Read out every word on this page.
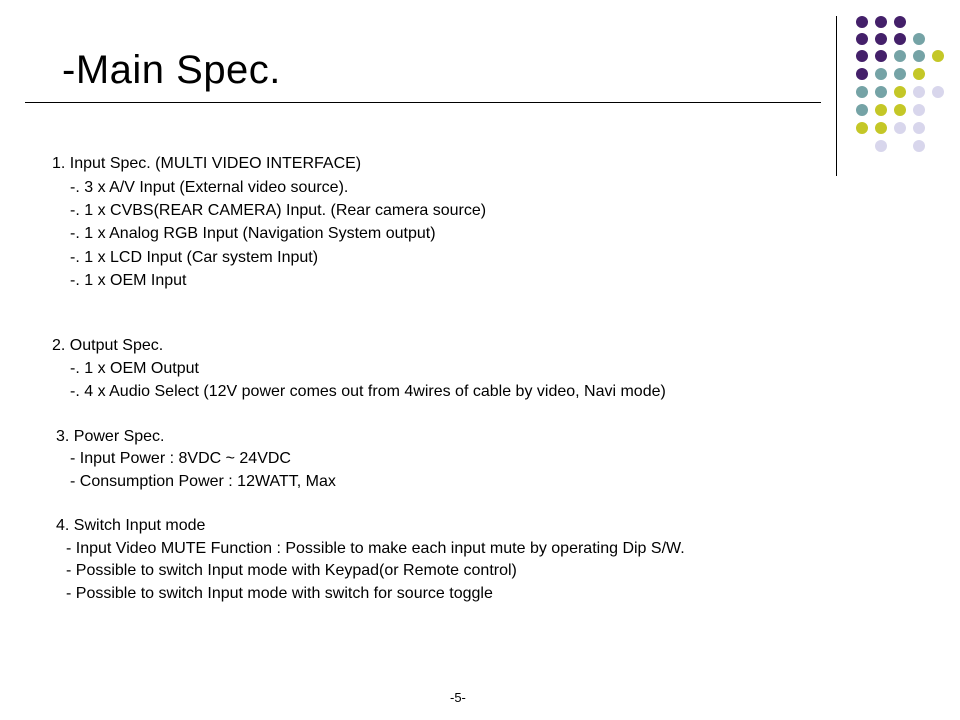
-Main Spec.
1. Input Spec. (MULTI VIDEO INTERFACE)
-. 3 x A/V Input (External video source).
-. 1 x CVBS(REAR CAMERA) Input. (Rear camera source)
-. 1 x Analog RGB Input (Navigation System output)
-. 1 x LCD Input (Car system Input)
-. 1 x OEM Input
2. Output Spec.
-. 1 x OEM Output
-. 4 x Audio Select (12V power comes out from 4wires of cable by video, Navi mode)
3. Power Spec.
- Input Power : 8VDC ~ 24VDC
- Consumption Power : 12WATT, Max
4. Switch Input mode
- Input Video MUTE Function : Possible to make each input mute by operating Dip S/W.
- Possible to switch Input mode with Keypad(or Remote control)
- Possible to switch Input mode with switch for source toggle
-5-
